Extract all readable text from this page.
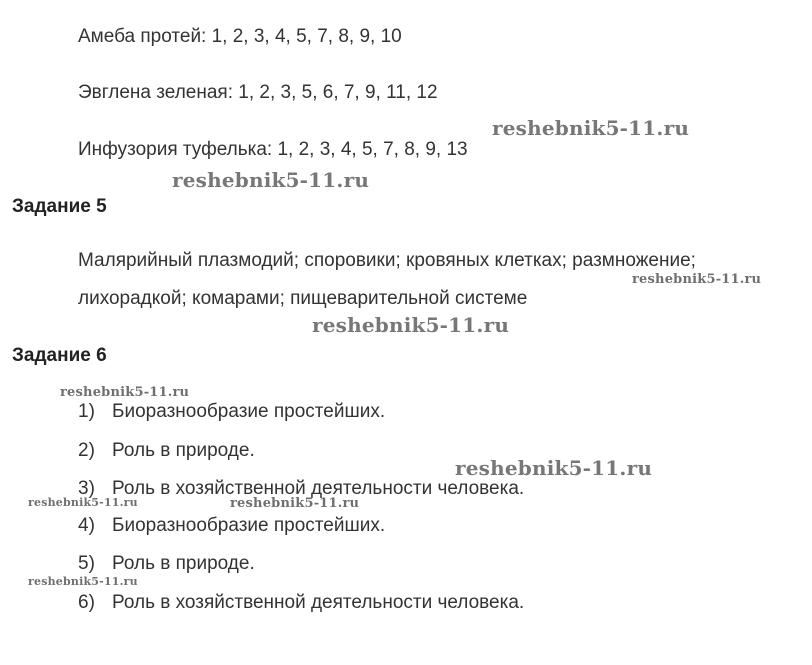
Амеба протей: 1, 2, 3, 4, 5, 7, 8, 9, 10
Эвглена зеленая: 1, 2, 3, 5, 6, 7, 9, 11, 12
Инфузория туфелька: 1, 2, 3, 4, 5, 7, 8, 9, 13
Задание 5
Малярийный плазмодий; споровики; кровяных клетках; размножение;
лихорадкой; комарами; пищеварительной системе
Задание 6
1) Биоразнообразие простейших.
2) Роль в природе.
3) Роль в хозяйственной деятельности человека.
4) Биоразнообразие простейших.
5) Роль в природе.
6) Роль в хозяйственной деятельности человека.
reshebnik5-11.ru
reshebnik5-11.ru
reshebnik5-11.ru
reshebnik5-11.ru
reshebnik5-11.ru
reshebnik5-11.ru
reshebnik5-11.ru	reshebnik5-11.ru
reshebnik5-11.ru
